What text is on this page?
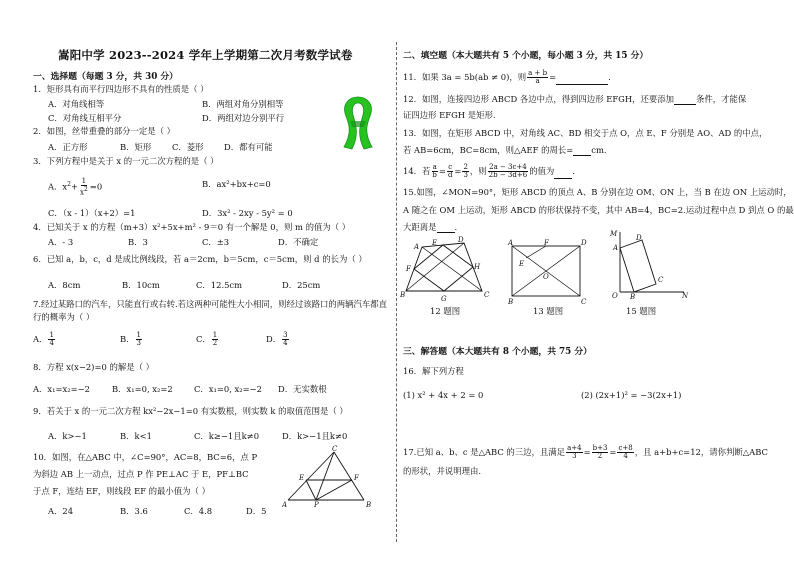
嵩阳中学 2023--2024 学年上学期第二次月考数学试卷
一、选择题（每题 3 分，共 30 分）
1．矩形具有而平行四边形不具有的性质是（ ）
A．对角线相等	B．两组对角分别相等
C．对角线互相平分	D．两组对边分别平行
2．如图，丝带重叠的部分一定是（ ）
A．正方形	B．矩形 C．菱形 D．都有可能
3．下列方程中是关于 x 的一元二次方程的是（ ）
A．$x^2+ \frac{1}{x2} =0$	B．ax²+bx+c=0
C．（x - 1）（x+2）=1	D．3x² - 2xy - 5y² = 0
4．已知关于 x 的方程（m+3）x²+5x+m² - 9＝0 有一个解是 0，则 m 的值为（ ）
A．- 3	B．3	C．±3	D．不确定
6．已知 a，b，c，d 是成比例线段，若 a＝2cm，b＝5cm，c＝5cm，则 d 的长为（ ）
A．8cm	B．10cm	C．12.5cm	D．25cm
7.经过某路口的汽车，只能直行或右转.若这两种可能性大小相同，则经过该路口的两辆汽车都直行的概率为（ ）
A． $\frac{1}{4}$	B． $\frac{1}{3}$	C． $\frac{1}{2}$	D． $\frac{3}{4}$
8．方程 x(x−2)=0 的解是（ ）
A．x₁=x₂=−2	B．x₁=0, x₂=2	C．x₁=0, x₂=−2 D．无实数根
9．若关于 x 的一元二次方程 kx²−2x−1=0 有实数根，则实数 k 的取值范围是（ ）
A．k>−1	B．k<1	C．k≥−1且k≠0	D．k>−1且k≠0
10．如图，在△ABC 中，∠C=90°，AC=8，BC=6，点 P
为斜边 AB 上一动点，过点 P 作 PE⊥AC 于 E，PF⊥BC
于点 F，连结 EF，则线段 EF 的最小值为（ ）
A．24	B．3.6	C．4.8	D．5
A	B
C
E	F
P
二、填空题（本大题共有 5 个小题，每小题 3 分，共 15 分）
11．如果 3a = 5b(ab ≠ 0)，则 $\frac{a + b}{a}$ =	.
12．如图，连接四边形 ABCD 各边中点，得到四边形 EFGH，还要添加	条件，才能保
证四边形 EFGH 是矩形.
13．如图，在矩形 ABCD 中，对角线 AC、BD 相交于点 O，点 E、F 分别是 AO、AD 的中点，
若 AB=6cm，BC=8cm，则△AEF 的周长= cm.
14．若 $\frac{a}{b} = \frac{c}{d} = \frac{2}{3}$ ，则 $\frac{2a - 3c+4}{2b - 3d+6}$ 的值为 .
15.如图，∠MON=90°，矩形 ABCD 的顶点 A、B 分别在边 OM、ON 上，当 B 在边 ON 上运动时，
A 随之在 OM 上运动，矩形 ABCD 的形状保持不变，其中 AB=4，BC=2.运动过程中点 D 到点 O 的最
大距离是 .
A
D
F	H
B	C
G
E
12 题图
A	F	D
E
O
B	C
13 题图
M	D
A
C
B
O	N
15 题图
三、解答题（本大题共有 8 个小题，共 75 分）
16．解下列方程
(1) x² + 4x + 2 = 0	(2) (2x+1)² = −3(2x+1)
17.已知 a、b、c 是△ABC 的三边，且满足 $\frac{a+4}{3} = \frac{b+3}{2} = \frac{c+8}{4}$ ，且 a+b+c=12，请你判断△ABC
的形状，并说明理由.
